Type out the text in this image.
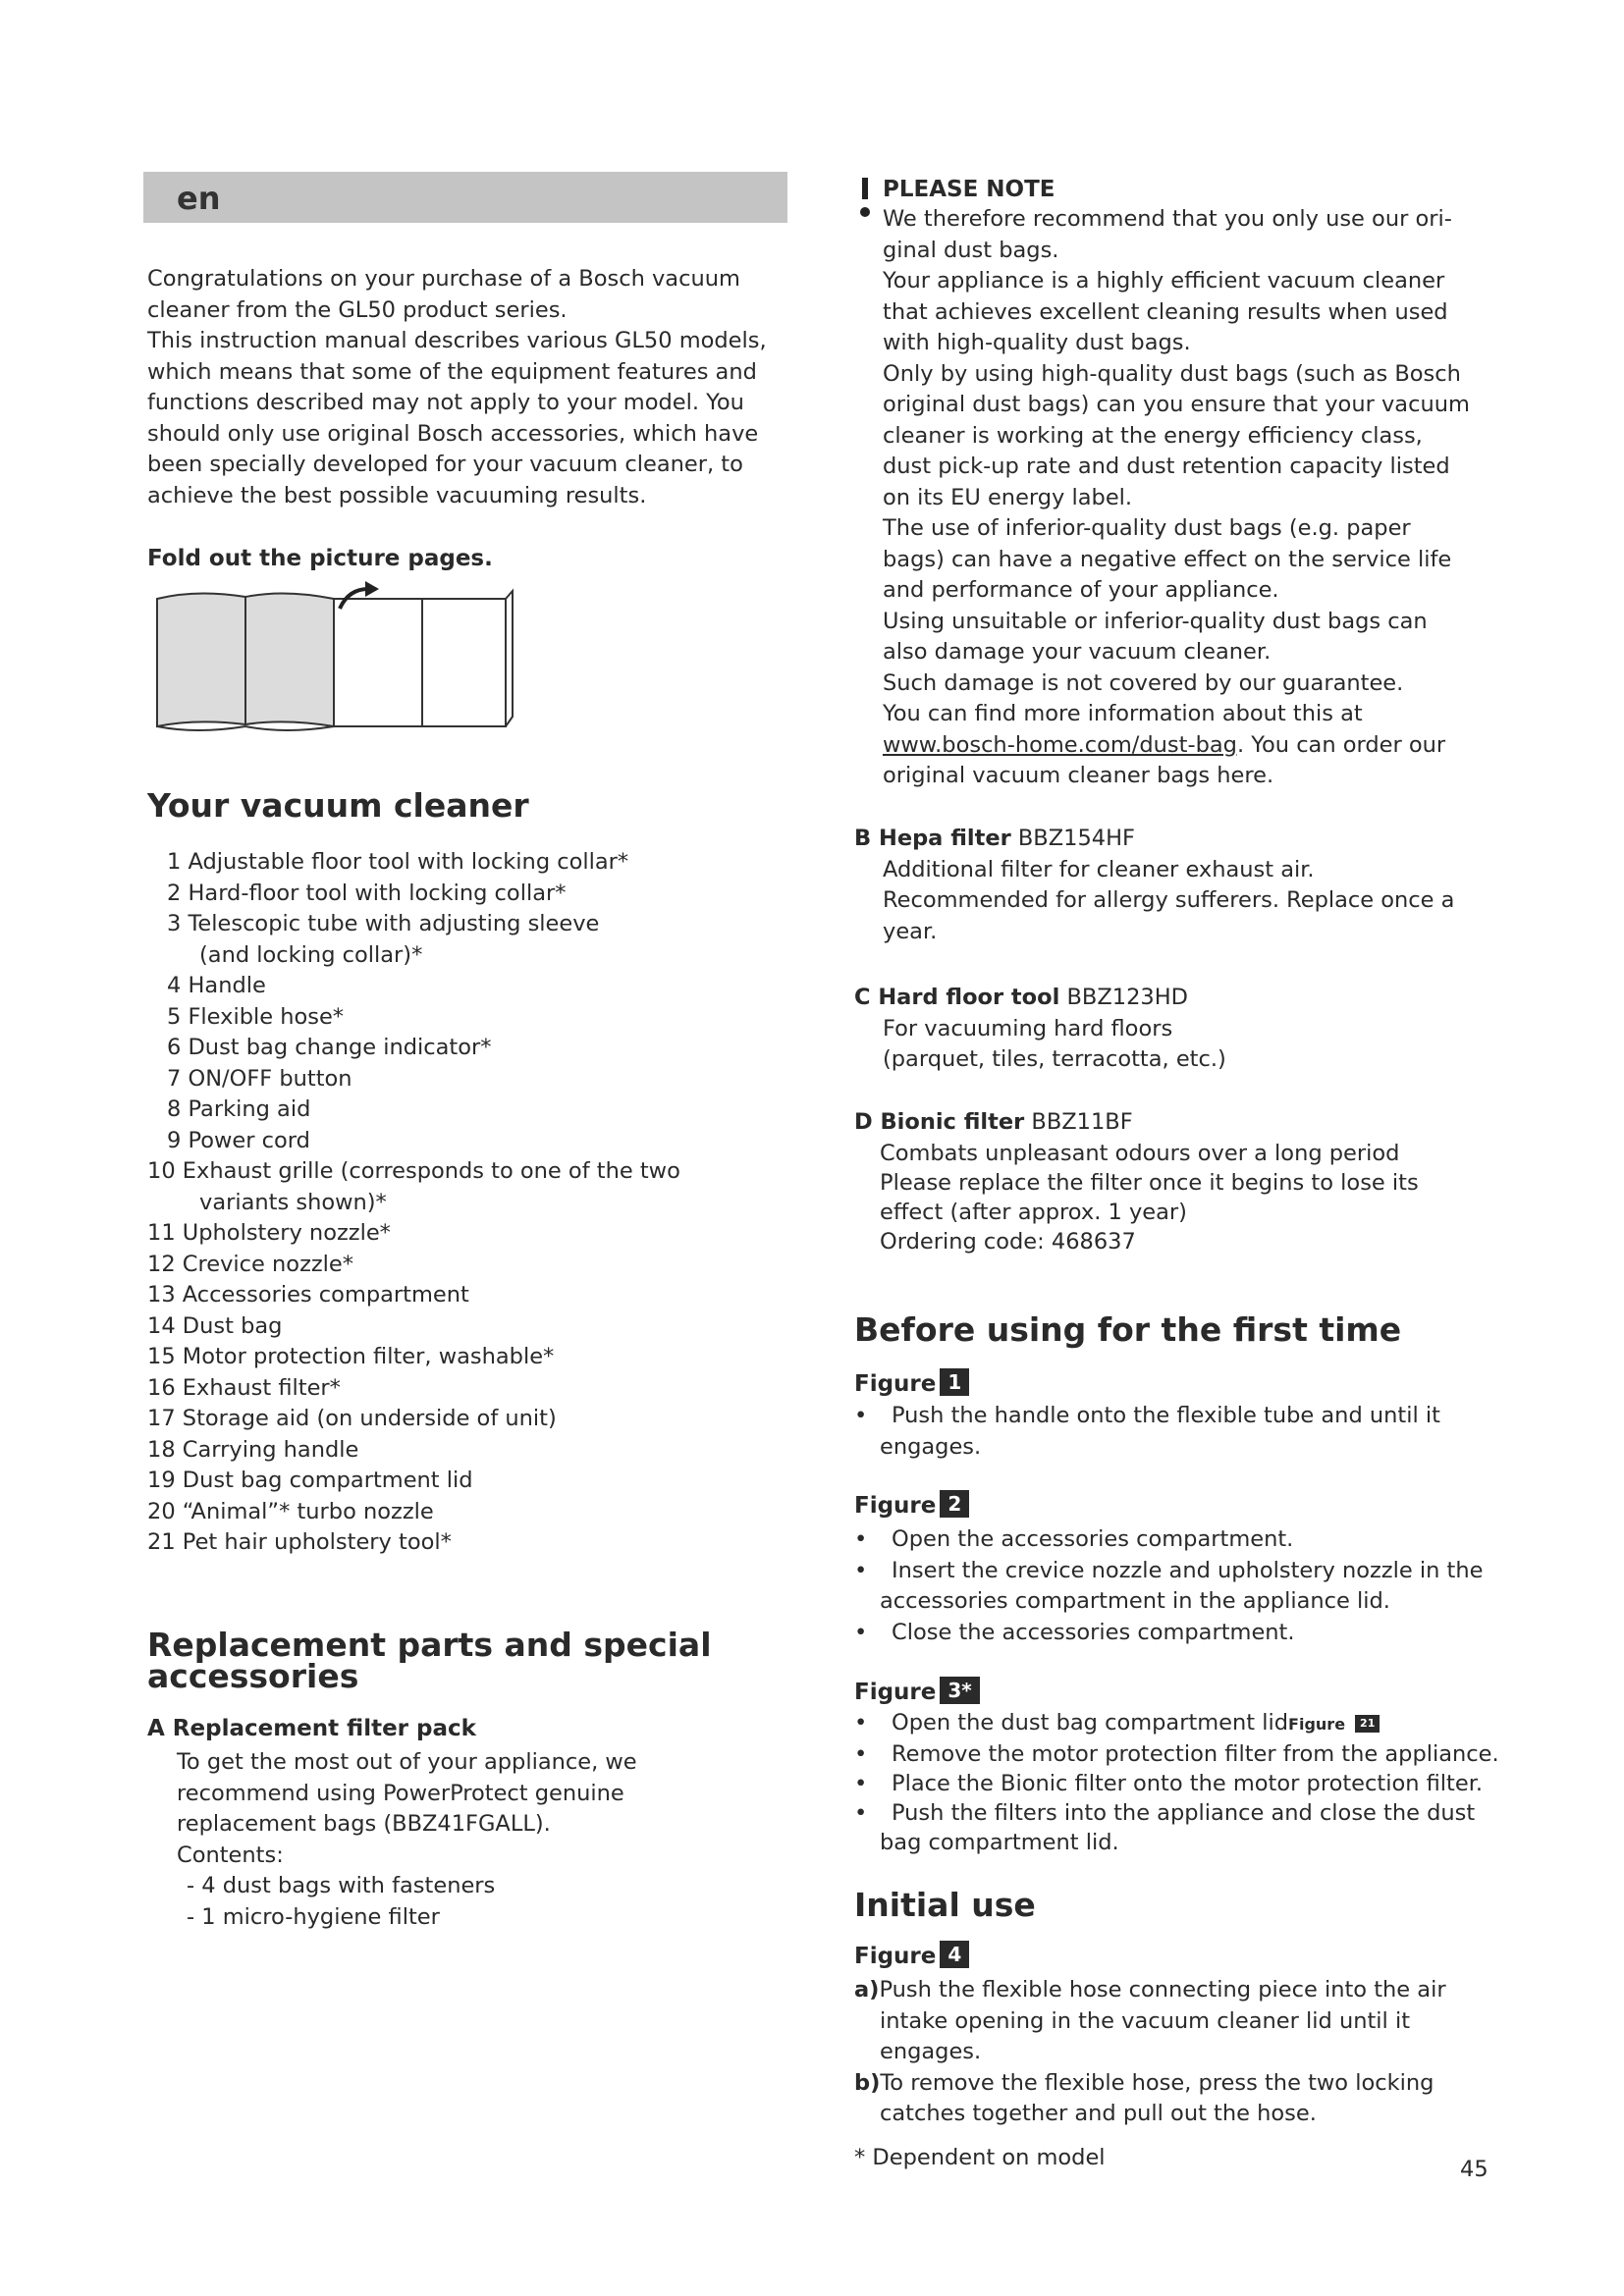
en
Congratulations on your purchase of a Bosch vacuum
cleaner from the GL50 product series.
This instruction manual describes various GL50 models,
which means that some of the equipment features and
functions described may not apply to your model. You
should only use original Bosch accessories, which have
been specially developed for your vacuum cleaner, to
achieve the best possible vacuuming results.
Fold out the picture pages.
Your vacuum cleaner
1 Adjustable floor tool with locking collar*
2 Hard-floor tool with locking collar*
3 Telescopic tube with adjusting sleeve
(and locking collar)*
4 Handle
5 Flexible hose*
6 Dust bag change indicator*
7 ON/OFF button
8 Parking aid
9 Power cord
10 Exhaust grille (corresponds to one of the two
variants shown)*
11 Upholstery nozzle*
12 Crevice nozzle*
13 Accessories compartment
14 Dust bag
15 Motor protection filter, washable*
16 Exhaust filter*
17 Storage aid (on underside of unit)
18 Carrying handle
19 Dust bag compartment lid
20 “Animal”* turbo nozzle
21 Pet hair upholstery tool*
Replacement parts and special
accessories
A Replacement filter pack
To get the most out of your appliance, we
recommend using PowerProtect genuine
replacement bags (BBZ41FGALL).
Contents:
- 4 dust bags with fasteners
- 1 micro-hygiene filter
PLEASE NOTE
We therefore recommend that you only use our ori-
ginal dust bags.
Your appliance is a highly efficient vacuum cleaner
that achieves excellent cleaning results when used
with high-quality dust bags.
Only by using high-quality dust bags (such as Bosch
original dust bags) can you ensure that your vacuum
cleaner is working at the energy efficiency class,
dust pick-up rate and dust retention capacity listed
on its EU energy label.
The use of inferior-quality dust bags (e.g. paper
bags) can have a negative effect on the service life
and performance of your appliance.
Using unsuitable or inferior-quality dust bags can
also damage your vacuum cleaner.
Such damage is not covered by our guarantee.
You can find more information about this at
www.bosch-home.com/dust-bag. You can order our
original vacuum cleaner bags here.
B Hepa filter BBZ154HF
Additional filter for cleaner exhaust air.
Recommended for allergy sufferers. Replace once a
year.
C Hard floor tool BBZ123HD
For vacuuming hard floors
(parquet, tiles, terracotta, etc.)
D Bionic filter BBZ11BF
Combats unpleasant odours over a long period
Please replace the filter once it begins to lose its
effect (after approx. 1 year)
Ordering code: 468637
Before using for the first time
Figure 1
• Push the handle onto the flexible tube and until it
engages.
Figure 2
• Open the accessories compartment.
• Insert the crevice nozzle and upholstery nozzle in the
accessories compartment in the appliance lid.
• Close the accessories compartment.
Figure 3*
• Open the dust bag compartment lidFigure 21
• Remove the motor protection filter from the appliance.
• Place the Bionic filter onto the motor protection filter.
• Push the filters into the appliance and close the dust
bag compartment lid.
Initial use
Figure 4
a)Push the flexible hose connecting piece into the air
intake opening in the vacuum cleaner lid until it
engages.
b)To remove the flexible hose, press the two locking
catches together and pull out the hose.
* Dependent on model	45
